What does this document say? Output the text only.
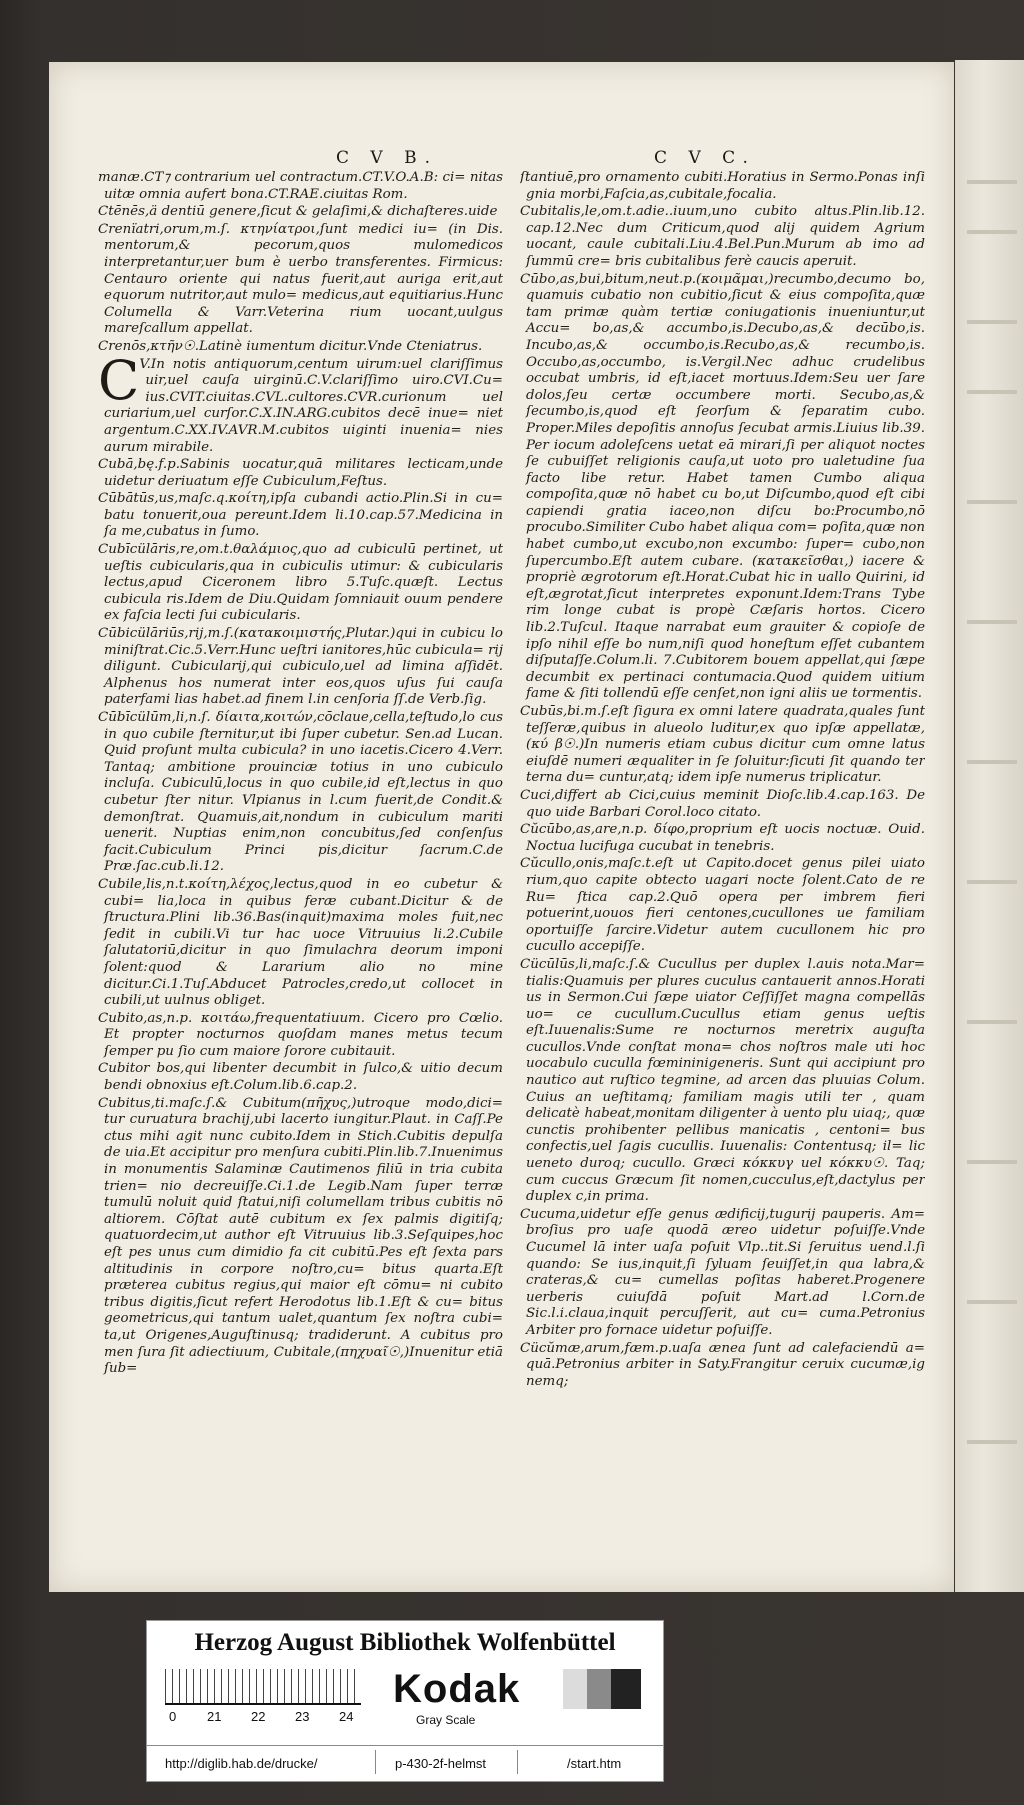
C V B.	C V C.

manæ.CT⁊ contrarium uel contractum.CT.V.O.A.B: ci= nitas uitæ omnia aufert bona.CT.RAE.ciuitas Rom.

Ctēnēs,ä dentiū genere,ſicut & gelaſimi,& dichaſteres.uide

Crenïatri,orum,m.ſ. κτηνίατροι,ſunt medici iu= (in Dis. mentorum,& pecorum,quos mulomedicos interpretantur,uer bum è uerbo transferentes. Firmicus: Centauro oriente qui natus fuerit,aut auriga erit,aut equorum nutritor,aut mulo= medicus,aut equitiarius.Hunc Columella & Varr.Veterina rium uocant,uulgus mareſcallum appellat.

Crenōs,κτῆν☉.Latinè iumentum dicitur.Vnde Cteniatrus.

C V.In notis antiquorum,centum uirum:uel clariſſimus uir,uel cauſa uirginū.C.V.clariſſimo uiro.CVI.Cu= ius.CVIT.ciuitas.CVL.cultores.CVR.curionum uel curiarium,uel curſor.C.X.IN.ARG.cubitos decē inue= niet argentum.C.XX.IV.AVR.M.cubitos uiginti inuenia= nies aurum mirabile.

Cubā,bę.f.p.Sabinis uocatur,quā militares lecticam,unde uidetur deriuatum eſſe Cubiculum,Feſtus.

Cūbātūs,us,maſc.q.κοίτη,ipſa cubandi actio.Plin.Si in cu= batu tonuerit,oua pereunt.Idem li.10.cap.57.Medicina in ſa me,cubatus in ſumo.

Cubīcülāris,re,om.t.θαλάμιος,quo ad cubiculū pertinet, ut ueſtis cubicularis,qua in cubiculis utimur: & cubicularis lectus,apud Ciceronem libro 5.Tuſc.quæſt. Lectus cubicula ris.Idem de Diu.Quidam ſomniauit ouum pendere ex faſcia lecti ſui cubicularis.

Cūbicülāriūs,rij,m.ſ.(κατακοιμιστής,Plutar.)qui in cubicu lo miniſtrat.Cic.5.Verr.Hunc ueſtri ianitores,hūc cubicula= rij diligunt. Cubicularij,qui cubiculo,uel ad limina aſſidēt. Alphenus hos numerat inter eos,quos uſus ſui cauſa paterfami lias habet.ad finem l.in cenſoria ſſ.de Verb.ſig.

Cūbīcülūm,li,n.ſ. δίαιτα,κοιτών,cōclaue,cella,teſtudo,lo cus in quo cubile ſternitur,ut ibi ſuper cubetur. Sen.ad Lucan. Quid proſunt multa cubicula? in uno iacetis.Cicero 4.Verr. Tantaq; ambitione prouinciæ totius in uno cubiculo incluſa. Cubiculū,locus in quo cubile,id eſt,lectus in quo cubetur ſter nitur. Vlpianus in l.cum fuerit,de Condit.& demonſtrat. Quamuis,ait,nondum in cubiculum mariti uenerit. Nuptias enim,non concubitus,ſed conſenſus facit.Cubiculum Princi pis,dicitur ſacrum.C.de Præ.ſac.cub.li.12.

Cubile,lis,n.t.κοίτη,λέχος,lectus,quod in eo cubetur & cubi= lia,loca in quibus feræ cubant.Dicitur & de ſtructura.Plini lib.36.Bas(inquit)maxima moles fuit,nec ſedit in cubili.Vi tur hac uoce Vitruuius li.2.Cubile ſalutatoriū,dicitur in quo ſimulachra deorum imponi ſolent:quod & Lararium alio no mine dicitur.Ci.1.Tuſ.Abducet Patrocles,credo,ut collocet in cubili,ut uulnus obliget.

Cubito,as,n.p. κοιτάω,frequentatiuum. Cicero pro Cœlio. Et propter nocturnos quoſdam manes metus tecum ſemper pu ſio cum maiore ſorore cubitauit.

Cubitor bos,qui libenter decumbit in ſulco,& uitio decum bendi obnoxius eſt.Colum.lib.6.cap.2.

Cubitus,ti.maſc.ſ.& Cubitum(πῆχυς,)utroque modo,dici= tur curuatura brachij,ubi lacerto iungitur.Plaut. in Caſſ.Pe ctus mihi agit nunc cubito.Idem in Stich.Cubitis depulſa de uia.Et accipitur pro menſura cubiti.Plin.lib.7.Inuenimus in monumentis Salaminæ Cautimenos filiū in tria cubita trien= nio decreuiſſe.Ci.1.de Legib.Nam ſuper terræ tumulū noluit quid ſtatui,niſi columellam tribus cubitis nō altiorem. Cōſtat autē cubitum ex ſex palmis digitiſq; quatuordecim,ut author eſt Vitruuius lib.3.Seſquipes,hoc eſt pes unus cum dimidio fa cit cubitū.Pes eſt ſexta pars altitudinis in corpore noſtro,cu= bitus quarta.Eſt præterea cubitus regius,qui maior eſt cōmu= ni cubito tribus digitis,ſicut refert Herodotus lib.1.Eſt & cu= bitus geometricus,qui tantum ualet,quantum ſex noſtra cubi= ta,ut Origenes,Auguſtinusq; tradiderunt. A cubitus pro men ſura ſit adiectiuum, Cubitale,(πηχυαῖ☉,)Inuenitur etiā ſub=

ſtantiuē,pro ornamento cubiti.Horatius in Sermo.Ponas inſi gnia morbi,Faſcia,as,cubitale,focalia.

Cubitalis,le,om.t.adie..iuum,uno cubito altus.Plin.lib.12. cap.12.Nec dum Criticum,quod alij quidem Agrium uocant, caule cubitali.Liu.4.Bel.Pun.Murum ab imo ad ſummū cre= bris cubitalibus ferè caucis aperuit.

Cūbo,as,bui,bitum,neut.p.(κοιμᾶμαι,)recumbo,decumo bo, quamuis cubatio non cubitio,ſicut & eius compoſita,quæ tam primæ quàm tertiæ coniugationis inueniuntur,ut Accu= bo,as,& accumbo,is.Decubo,as,& decūbo,is. Incubo,as,& occumbo,is.Recubo,as,& recumbo,is. Occubo,as,occumbo, is.Vergil.Nec adhuc crudelibus occubat umbris, id eſt,iacet mortuus.Idem:Seu uer ſare dolos,ſeu certæ occumbere morti. Secubo,as,& ſecumbo,is,quod eſt ſeorſum & ſeparatim cubo. Proper.Miles depoſitis annoſus ſecubat armis.Liuius lib.39. Per iocum adoleſcens uetat eā mirari,ſi per aliquot noctes ſe cubuiſſet religionis cauſa,ut uoto pro ualetudine ſua facto libe retur. Habet tamen Cumbo aliqua compoſita,quæ nō habet cu bo,ut Diſcumbo,quod eſt cibi capiendi gratia iaceo,non diſcu bo:Procumbo,nō procubo.Similiter Cubo habet aliqua com= poſita,quæ non habet cumbo,ut excubo,non excumbo: ſuper= cubo,non ſupercumbo.Eſt autem cubare. (κατακεῖσθαι,) iacere & propriè ægrotorum eſt.Horat.Cubat hic in uallo Quirini, id eſt,ægrotat,ſicut interpretes exponunt.Idem:Trans Tybe rim longe cubat is propè Cæſaris hortos. Cicero lib.2.Tuſcul. Itaque narrabat eum grauiter & copioſe de ipſo nihil eſſe bo num,niſi quod honeſtum eſſet cubantem diſputaſſe.Colum.li. 7.Cubitorem bouem appellat,qui ſæpe decumbit ex pertinaci contumacia.Quod quidem uitium fame & ſiti tollendū eſſe cenſet,non igni aliis ue tormentis.

Cubūs,bi.m.ſ.eſt ſigura ex omni latere quadrata,quales ſunt teſſeræ,quibus in alueolo luditur,ex quo ipſæ appellatæ, (κύ β☉.)In numeris etiam cubus dicitur cum omne latus eiuſdē numeri æqualiter in ſe ſoluitur:ſicuti ſit quando ter terna du= cuntur,atq; idem ipſe numerus triplicatur.

Cuci,differt ab Cici,cuius meminit Dioſc.lib.4.cap.163. De quo uide Barbari Corol.loco citato.

Cŭcūbo,as,are,n.p. δίφο,proprium eſt uocis noctuæ. Ouid. Noctua lucifuga cucubat in tenebris.

Cŭcullo,onis,maſc.t.eſt ut Capito.docet genus pilei uiato rium,quo capite obtecto uagari nocte ſolent.Cato de re Ru= ſtica cap.2.Quō opera per imbrem fieri potuerint,uouos fieri centones,cucullones ue familiam oportuiſſe ſarcire.Videtur autem cucullonem hic pro cucullo accepiſſe.

Cücūlūs,li,maſc.ſ.& Cucullus per duplex l.auis nota.Mar= tialis:Quamuis per plures cuculus cantauerit annos.Horati us in Sermon.Cui ſæpe uiator Ceſſiſſet magna compellās uo= ce cucullum.Cucullus etiam genus ueſtis eſt.Iuuenalis:Sume re nocturnos meretrix auguſta cucullos.Vnde conſtat mona= chos noſtros male uti hoc uocabulo cuculla fœmininigeneris. Sunt qui accipiunt pro nautico aut ruſtico tegmine, ad arcen das pluuias Colum. Cuius an ueſtitamq; familiam magis utili ter , quam delicatè habeat,monitam diligenter à uento plu uiaq;, quæ cunctis prohibenter pellibus manicatis , centoni= bus confectis,uel ſagis cucullis. Iuuenalis: Contentusq; il= lic ueneto duroq; cucullo. Græci κόκκυγ uel κόκκυ☉. Taq; cum cuccus Græcum ſit nomen,cucculus,eſt,dactylus per duplex c,in prima.

Cucuma,uidetur eſſe genus ædificij,tugurij pauperis. Am= broſius pro uaſe quodā æreo uidetur poſuiſſe.Vnde Cucumel lā inter uaſa poſuit Vlp..tit.Si ſeruitus uend.l.ſi quando: Se ius,inquit,ſi ſyluam ſeuiſſet,in qua labra,& crateras,& cu= cumellas poſitas haberet.Progenere uerberis cuiuſdā poſuit Mart.ad l.Corn.de Sic.l.i.claua,inquit percuſſerit, aut cu= cuma.Petronius Arbiter pro fornace uidetur poſuiſſe.

Cücŭmæ,arum,fæm.p.uaſa ænea ſunt ad calefaciendū a= quā.Petronius arbiter in Saty.Frangitur ceruix cucumæ,ig nemq;

Herzog August Bibliothek Wolfenbüttel
0 21 22 23 24
Kodak
Gray Scale
http://diglib.hab.de/drucke/	p-430-2f-helmst	/start.htm
